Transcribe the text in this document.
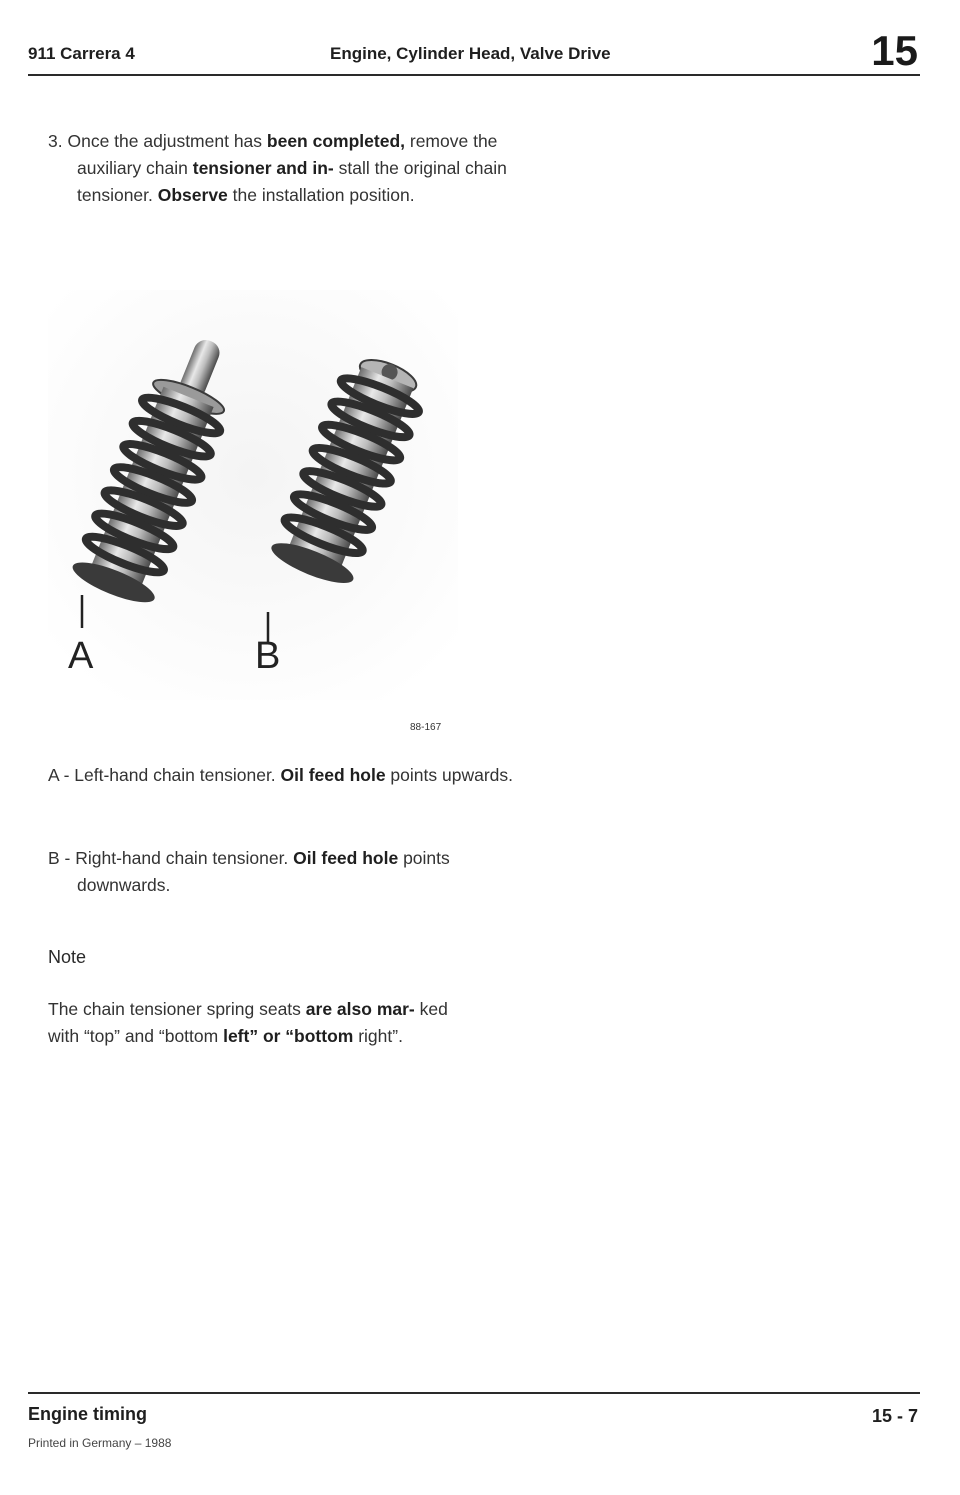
911 Carrera 4	Engine, Cylinder Head, Valve Drive	15
3. Once the adjustment has been completed, remove the auxiliary chain tensioner and in- stall the original chain tensioner. Observe the installation position.
A	B
88-167
A - Left-hand chain tensioner. Oil feed hole points upwards.
B - Right-hand chain tensioner. Oil feed hole points downwards.
Note
The chain tensioner spring seats are also mar- ked with “top” and “bottom left” or “bottom right”.
Engine timing
Printed in Germany – 1988
15 - 7
